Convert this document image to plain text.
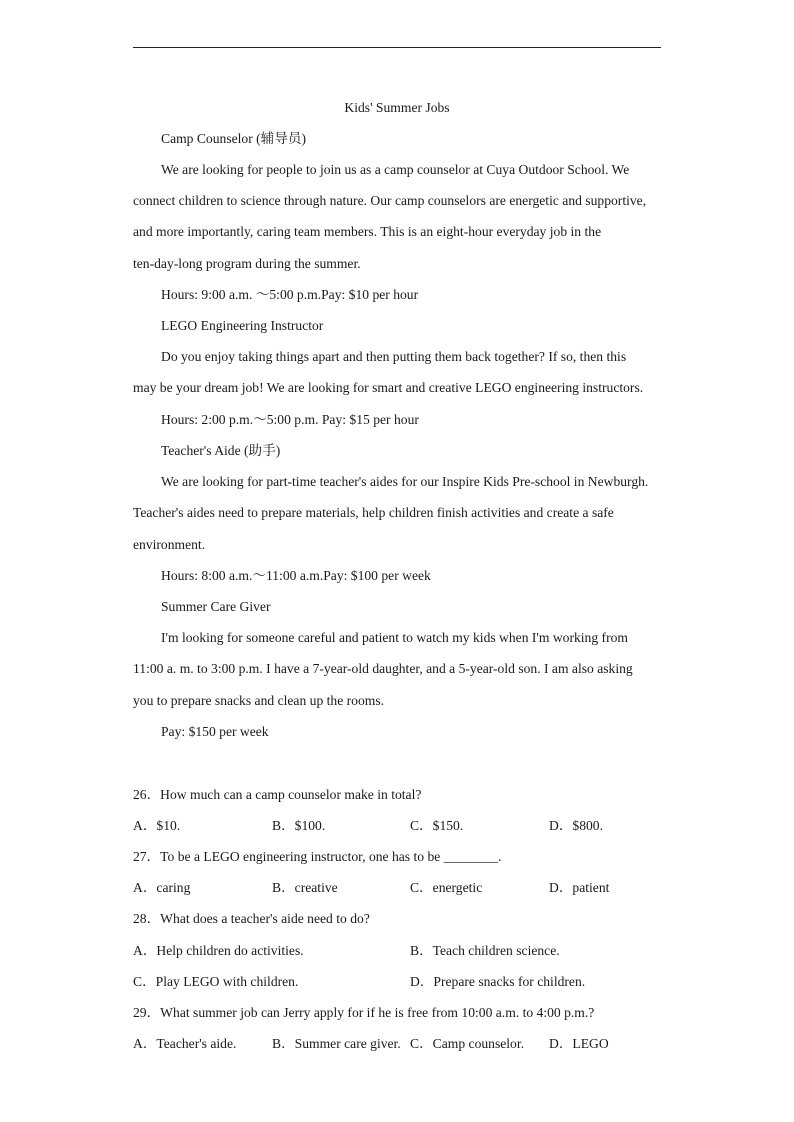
Kids' Summer Jobs
Camp Counselor (辅导员)
We are looking for people to join us as a camp counselor at Cuya Outdoor School. We
connect children to science through nature. Our camp counselors are energetic and supportive,
and more importantly, caring team members. This is an eight-hour everyday job in the
ten-day-long program during the summer.
Hours: 9:00 a.m. ～5:00 p.m.Pay: $10 per hour
LEGO Engineering Instructor
Do you enjoy taking things apart and then putting them back together? If so, then this
may be your dream job! We are looking for smart and creative LEGO engineering instructors.
Hours: 2:00 p.m.～5:00 p.m. Pay: $15 per hour
Teacher's Aide (助手)
We are looking for part-time teacher's aides for our Inspire Kids Pre-school in Newburgh.
Teacher's aides need to prepare materials, help children finish activities and create a safe
environment.
Hours: 8:00 a.m.～11:00 a.m.Pay: $100 per week
Summer Care Giver
I'm looking for someone careful and patient to watch my kids when I'm working from
11:00 a. m. to 3:00 p.m. I have a 7-year-old daughter, and a 5-year-old son. I am also asking
you to prepare snacks and clean up the rooms.
Pay: $150 per week
26．How much can a camp counselor make in total?
A．$10.	B．$100.	C．$150.	D．$800.
27．To be a LEGO engineering instructor, one has to be ________.
A．caring	B．creative	C．energetic	D．patient
28．What does a teacher's aide need to do?
A．Help children do activities.	B．Teach children science.
C．Play LEGO with children.	D．Prepare snacks for children.
29．What summer job can Jerry apply for if he is free from 10:00 a.m. to 4:00 p.m.?
A．Teacher's aide.	B．Summer care giver. C．Camp counselor. D．LEGO
